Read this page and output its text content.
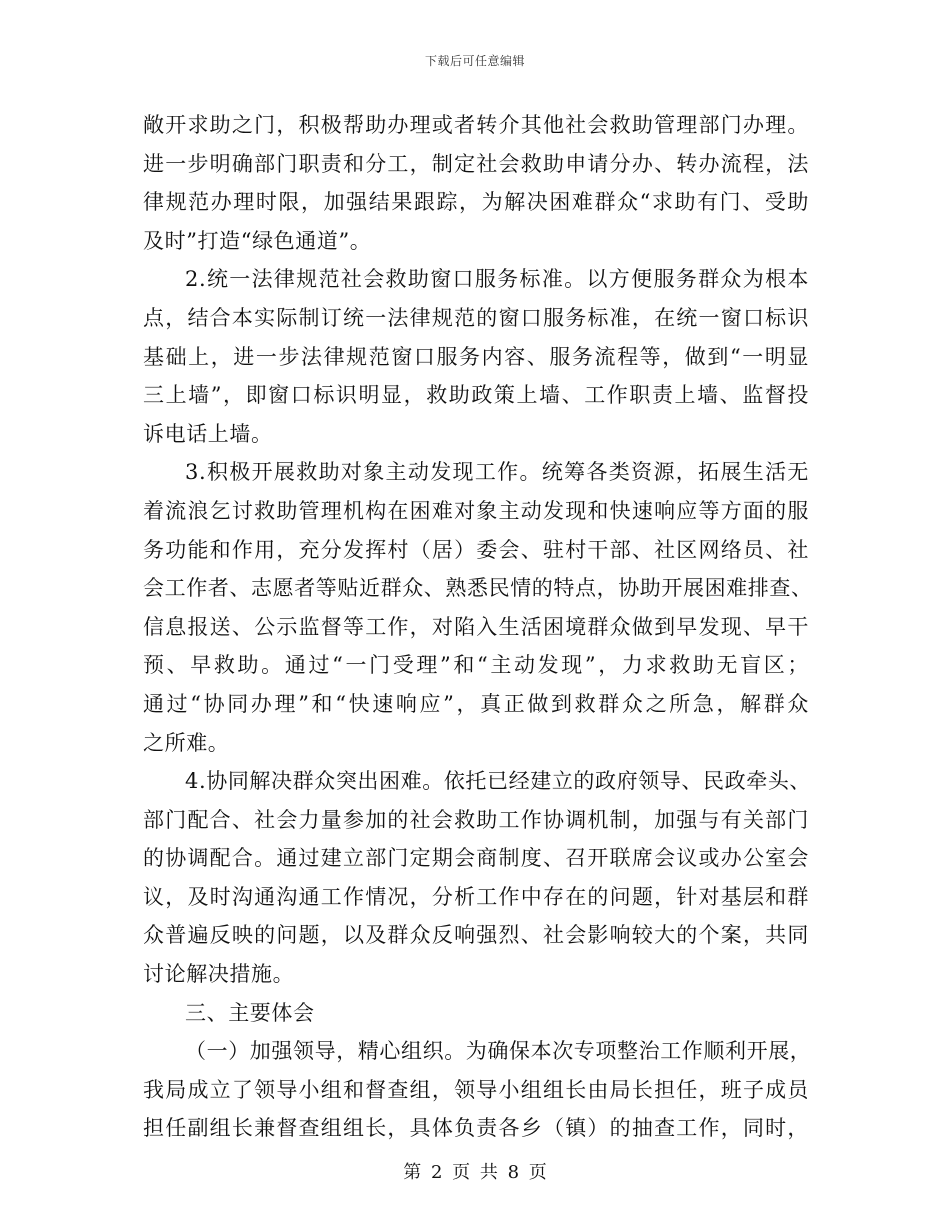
下载后可任意编辑
敞开求助之门，积极帮助办理或者转介其他社会救助管理部门办理。
进一步明确部门职责和分工，制定社会救助申请分办、转办流程，法
律规范办理时限，加强结果跟踪，为解决困难群众“求助有门、受助
及时”打造“绿色通道”。
2.统一法律规范社会救助窗口服务标准。以方便服务群众为根本
点，结合本实际制订统一法律规范的窗口服务标准，在统一窗口标识
基础上，进一步法律规范窗口服务内容、服务流程等，做到“一明显
三上墙”，即窗口标识明显，救助政策上墙、工作职责上墙、监督投
诉电话上墙。
3.积极开展救助对象主动发现工作。统筹各类资源，拓展生活无
着流浪乞讨救助管理机构在困难对象主动发现和快速响应等方面的服
务功能和作用，充分发挥村（居）委会、驻村干部、社区网络员、社
会工作者、志愿者等贴近群众、熟悉民情的特点，协助开展困难排查、
信息报送、公示监督等工作，对陷入生活困境群众做到早发现、早干
预、早救助。通过“一门受理”和“主动发现”，力求救助无盲区；
通过“协同办理”和“快速响应”，真正做到救群众之所急，解群众
之所难。
4.协同解决群众突出困难。依托已经建立的政府领导、民政牵头、
部门配合、社会力量参加的社会救助工作协调机制，加强与有关部门
的协调配合。通过建立部门定期会商制度、召开联席会议或办公室会
议，及时沟通沟通工作情况，分析工作中存在的问题，针对基层和群
众普遍反映的问题，以及群众反响强烈、社会影响较大的个案，共同
讨论解决措施。
三、主要体会
（一）加强领导，精心组织。为确保本次专项整治工作顺利开展，
我局成立了领导小组和督查组，领导小组组长由局长担任，班子成员
担任副组长兼督查组组长，具体负责各乡（镇）的抽查工作，同时，
第 2 页 共 8 页
